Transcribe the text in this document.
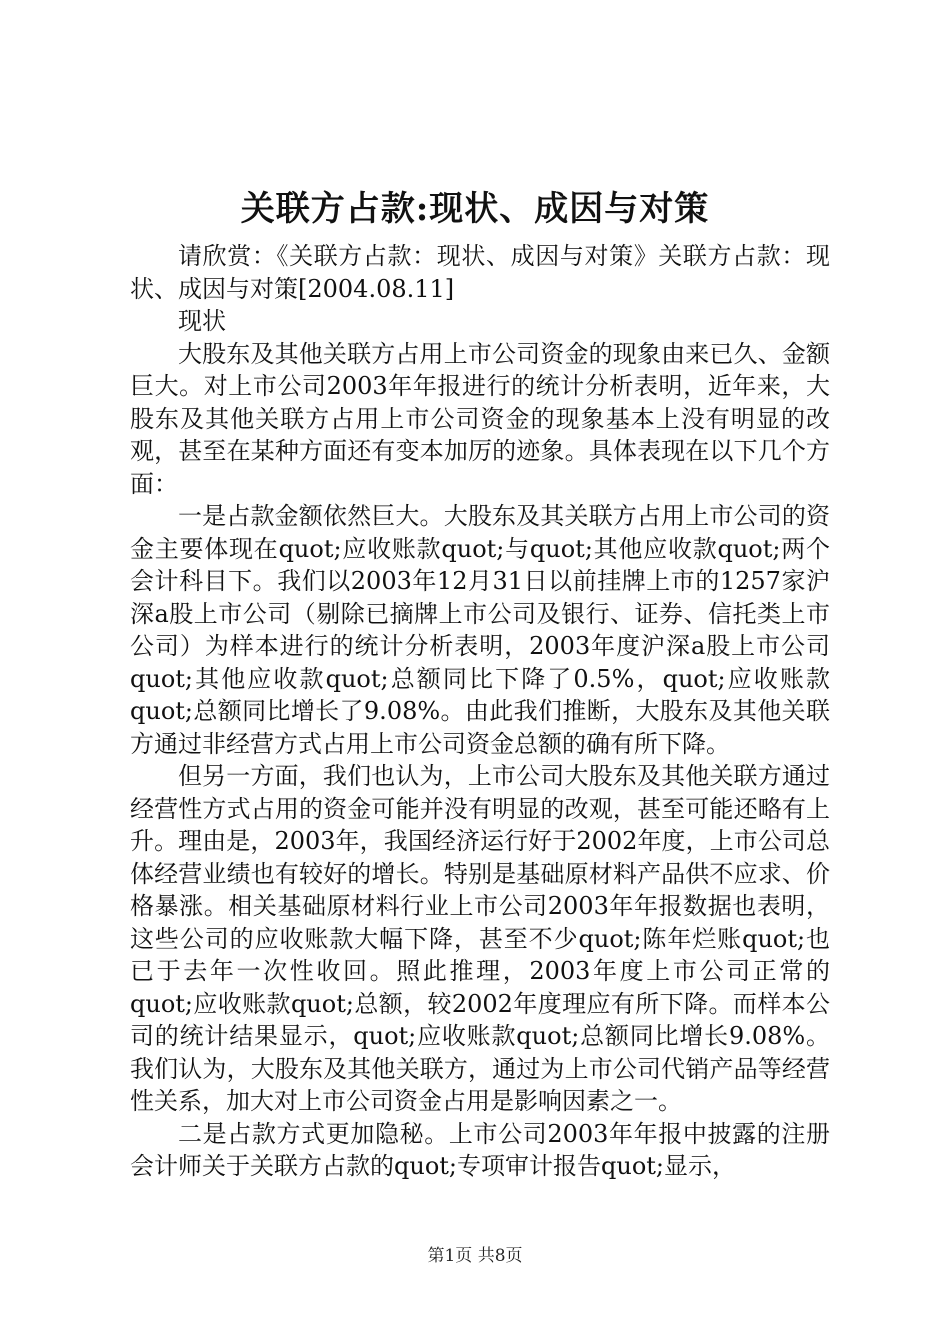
关联方占款:现状、成因与对策

请欣赏：《关联方占款：现状、成因与对策》关联方占款：现状、成因与对策[2004.08.11]

现状

大股东及其他关联方占用上市公司资金的现象由来已久、金额巨大。对上市公司2003年年报进行的统计分析表明，近年来，大股东及其他关联方占用上市公司资金的现象基本上没有明显的改观，甚至在某种方面还有变本加厉的迹象。具体表现在以下几个方面：

一是占款金额依然巨大。大股东及其关联方占用上市公司的资金主要体现在quot;应收账款quot;与quot;其他应收款quot;两个会计科目下。我们以2003年12月31日以前挂牌上市的1257家沪深a股上市公司（剔除已摘牌上市公司及银行、证券、信托类上市公司）为样本进行的统计分析表明，2003年度沪深a股上市公司quot;其他应收款quot;总额同比下降了0.5%，quot;应收账款quot;总额同比增长了9.08%。由此我们推断，大股东及其他关联方通过非经营方式占用上市公司资金总额的确有所下降。

但另一方面，我们也认为，上市公司大股东及其他关联方通过经营性方式占用的资金可能并没有明显的改观，甚至可能还略有上升。理由是，2003年，我国经济运行好于2002年度，上市公司总体经营业绩也有较好的增长。特别是基础原材料产品供不应求、价格暴涨。相关基础原材料行业上市公司2003年年报数据也表明，这些公司的应收账款大幅下降，甚至不少quot;陈年烂账quot;也已于去年一次性收回。照此推理，2003年度上市公司正常的quot;应收账款quot;总额，较2002年度理应有所下降。而样本公司的统计结果显示，quot;应收账款quot;总额同比增长9.08%。我们认为，大股东及其他关联方，通过为上市公司代销产品等经营性关系，加大对上市公司资金占用是影响因素之一。

二是占款方式更加隐秘。上市公司2003年年报中披露的注册会计师关于关联方占款的quot;专项审计报告quot;显示，

第1页 共8页
